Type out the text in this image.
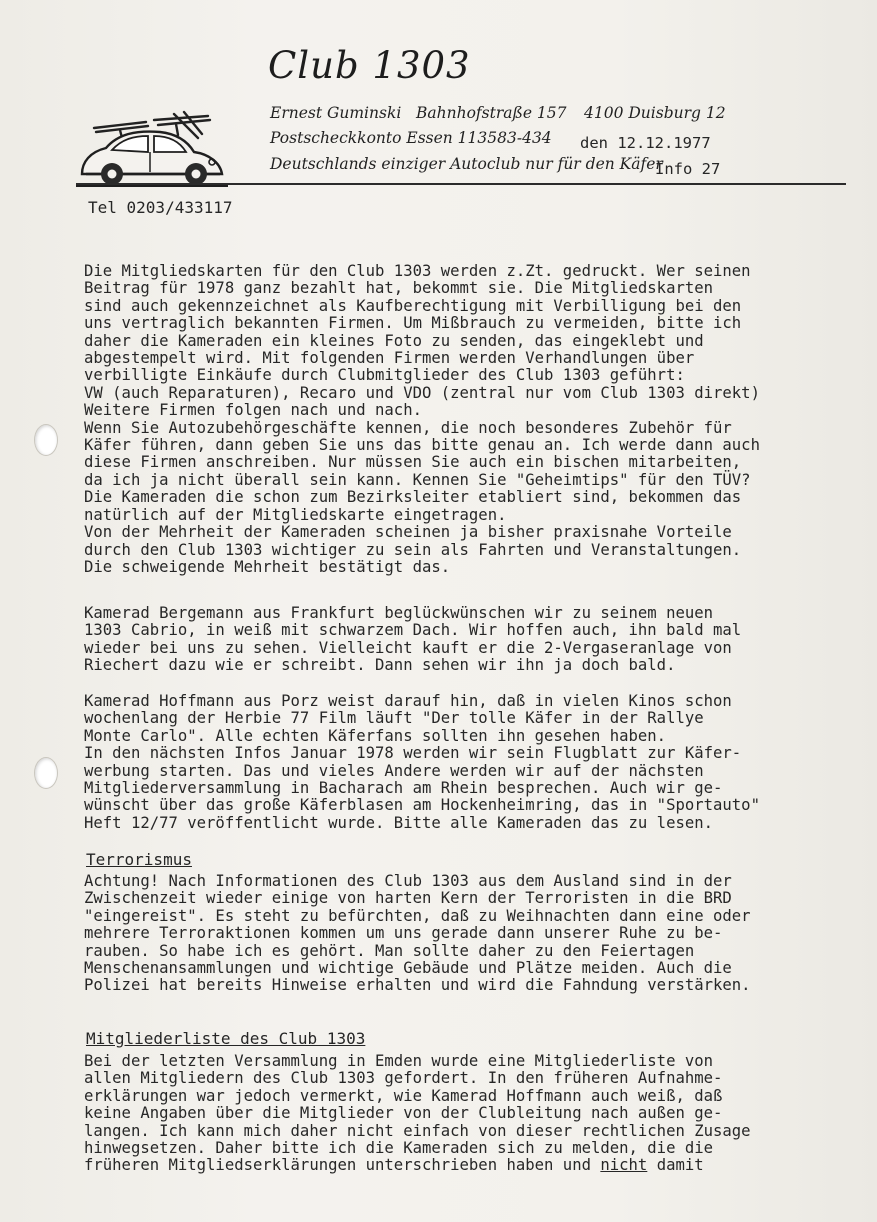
Club 1303
Ernest Guminski Bahnhofstraße 157 4100 Duisburg 12
Postscheckkonto Essen 113583-434 den 12.12.1977
Deutschlands einziger Autoclub nur für den Käfer
Info 27
Tel 0203/433117
Die Mitgliedskarten für den Club 1303 werden z.Zt. gedruckt. Wer seinen
Beitrag für 1978 ganz bezahlt hat, bekommt sie. Die Mitgliedskarten
sind auch gekennzeichnet als Kaufberechtigung mit Verbilligung bei den
uns vertraglich bekannten Firmen. Um Mißbrauch zu vermeiden, bitte ich
daher die Kameraden ein kleines Foto zu senden, das eingeklebt und
abgestempelt wird. Mit folgenden Firmen werden Verhandlungen über
verbilligte Einkäufe durch Clubmitglieder des Club 1303 geführt:
VW (auch Reparaturen), Recaro und VDO (zentral nur vom Club 1303 direkt)
Weitere Firmen folgen nach und nach.
Wenn Sie Autozubehörgeschäfte kennen, die noch besonderes Zubehör für
Käfer führen, dann geben Sie uns das bitte genau an. Ich werde dann auch
diese Firmen anschreiben. Nur müssen Sie auch ein bischen mitarbeiten,
da ich ja nicht überall sein kann. Kennen Sie "Geheimtips" für den TÜV?
Die Kameraden die schon zum Bezirksleiter etabliert sind, bekommen das
natürlich auf der Mitgliedskarte eingetragen.
Von der Mehrheit der Kameraden scheinen ja bisher praxisnahe Vorteile
durch den Club 1303 wichtiger zu sein als Fahrten und Veranstaltungen.
Die schweigende Mehrheit bestätigt das.
Kamerad Bergemann aus Frankfurt beglückwünschen wir zu seinem neuen
1303 Cabrio, in weiß mit schwarzem Dach. Wir hoffen auch, ihn bald mal
wieder bei uns zu sehen. Vielleicht kauft er die 2-Vergaseranlage von
Riechert dazu wie er schreibt. Dann sehen wir ihn ja doch bald.
Kamerad Hoffmann aus Porz weist darauf hin, daß in vielen Kinos schon
wochenlang der Herbie 77 Film läuft "Der tolle Käfer in der Rallye
Monte Carlo". Alle echten Käferfans sollten ihn gesehen haben.
In den nächsten Infos Januar 1978 werden wir sein Flugblatt zur Käfer-
werbung starten. Das und vieles Andere werden wir auf der nächsten
Mitgliederversammlung in Bacharach am Rhein besprechen. Auch wir ge-
wünscht über das große Käferblasen am Hockenheimring, das in "Sportauto"
Heft 12/77 veröffentlicht wurde. Bitte alle Kameraden das zu lesen.
Terrorismus
Achtung! Nach Informationen des Club 1303 aus dem Ausland sind in der
Zwischenzeit wieder einige von harten Kern der Terroristen in die BRD
"eingereist". Es steht zu befürchten, daß zu Weihnachten dann eine oder
mehrere Terroraktionen kommen um uns gerade dann unserer Ruhe zu be-
rauben. So habe ich es gehört. Man sollte daher zu den Feiertagen
Menschenansammlungen und wichtige Gebäude und Plätze meiden. Auch die
Polizei hat bereits Hinweise erhalten und wird die Fahndung verstärken.
Mitgliederliste des Club 1303
Bei der letzten Versammlung in Emden wurde eine Mitgliederliste von
allen Mitgliedern des Club 1303 gefordert. In den früheren Aufnahme-
erklärungen war jedoch vermerkt, wie Kamerad Hoffmann auch weiß, daß
keine Angaben über die Mitglieder von der Clubleitung nach außen ge-
langen. Ich kann mich daher nicht einfach von dieser rechtlichen Zusage
hinwegsetzen. Daher bitte ich die Kameraden sich zu melden, die die
früheren Mitgliedserklärungen unterschrieben haben und nicht damit
